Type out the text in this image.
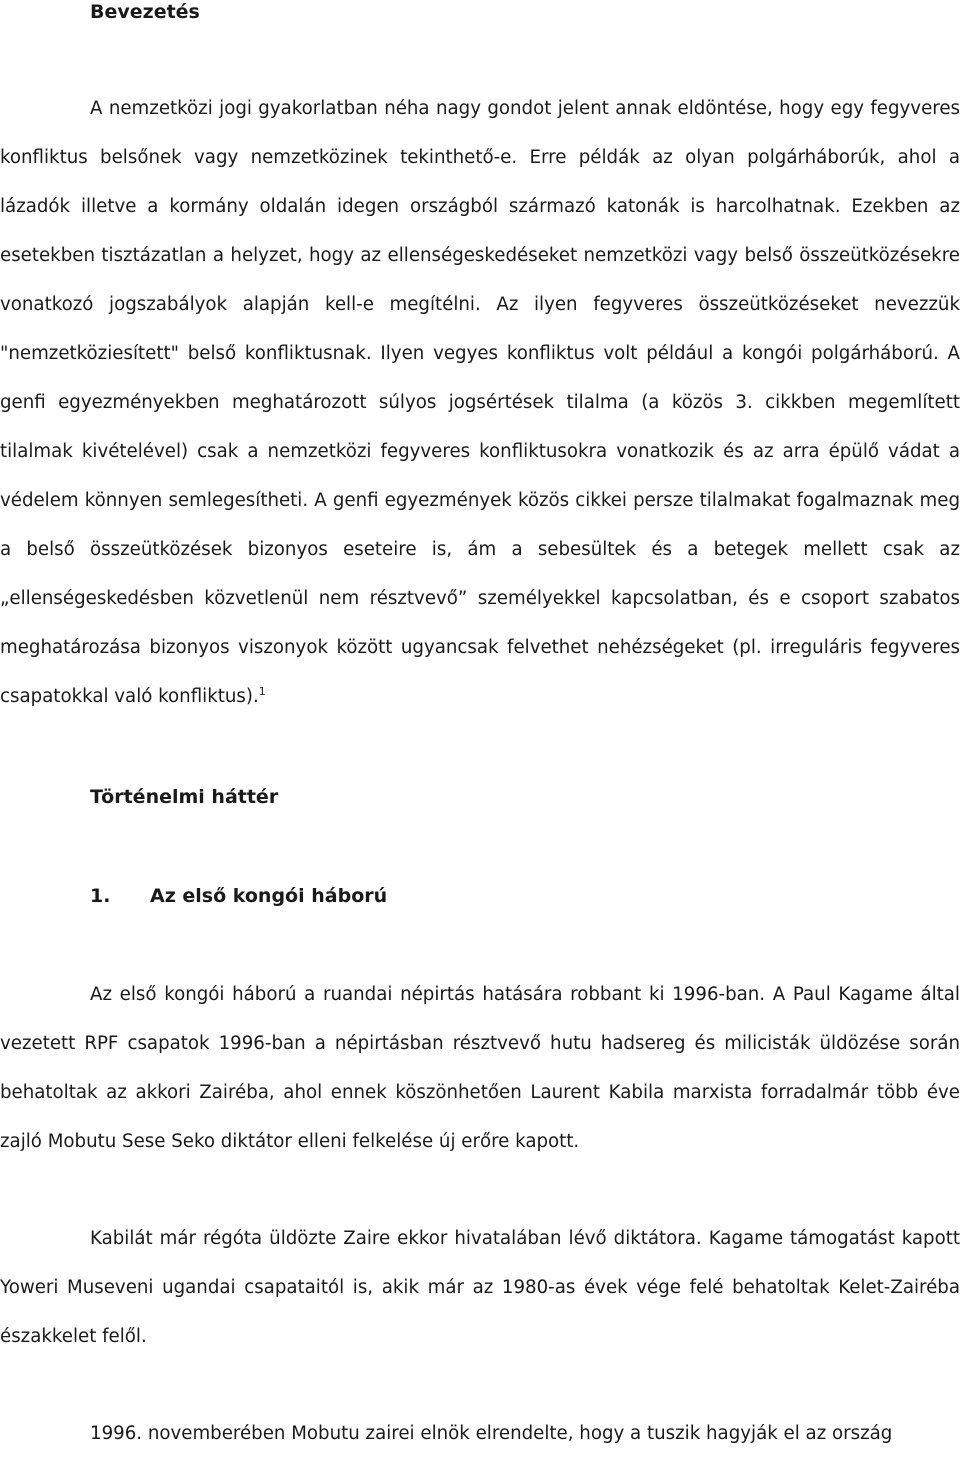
Bevezetés

A nemzetközi jogi gyakorlatban néha nagy gondot jelent annak eldöntése, hogy egy fegyveres konfliktus belsőnek vagy nemzetközinek tekinthető-e. Erre példák az olyan polgárháborúk, ahol a lázadók illetve a kormány oldalán idegen országból származó katonák is harcolhatnak. Ezekben az esetekben tisztázatlan a helyzet, hogy az ellenségeskedéseket nemzetközi vagy belső összeütközésekre vonatkozó jogszabályok alapján kell-e megítélni. Az ilyen fegyveres összeütközéseket nevezzük "nemzetköziesített" belső konfliktusnak. Ilyen vegyes konfliktus volt például a kongói polgárháború. A genfi egyezményekben meghatározott súlyos jogsértések tilalma (a közös 3. cikkben megemlített tilalmak kivételével) csak a nemzetközi fegyveres konfliktusokra vonatkozik és az arra épülő vádat a védelem könnyen semlegesítheti. A genfi egyezmények közös cikkei persze tilalmakat fogalmaznak meg a belső összeütközések bizonyos eseteire is, ám a sebesültek és a betegek mellett csak az „ellenségeskedésben közvetlenül nem résztvevő” személyekkel kapcsolatban, és e csoport szabatos meghatározása bizonyos viszonyok között ugyancsak felvethet nehézségeket (pl. irreguláris fegyveres csapatokkal való konfliktus).$^1$

Történelmi háttér
1. Az első kongói háború

Az első kongói háború a ruandai népirtás hatására robbant ki 1996-ban. A Paul Kagame által vezetett RPF csapatok 1996-ban a népirtásban résztvevő hutu hadsereg és milicisták üldözése során behatoltak az akkori Zairéba, ahol ennek köszönhetően Laurent Kabila marxista forradalmár több éve zajló Mobutu Sese Seko diktátor elleni felkelése új erőre kapott.

Kabilát már régóta üldözte Zaire ekkor hivatalában lévő diktátora. Kagame támogatást kapott Yoweri Museveni ugandai csapataitól is, akik már az 1980-as évek vége felé behatoltak Kelet-Zairéba északkelet felől.

1996. novemberében Mobutu zairei elnök elrendelte, hogy a tuszik hagyják el az ország
